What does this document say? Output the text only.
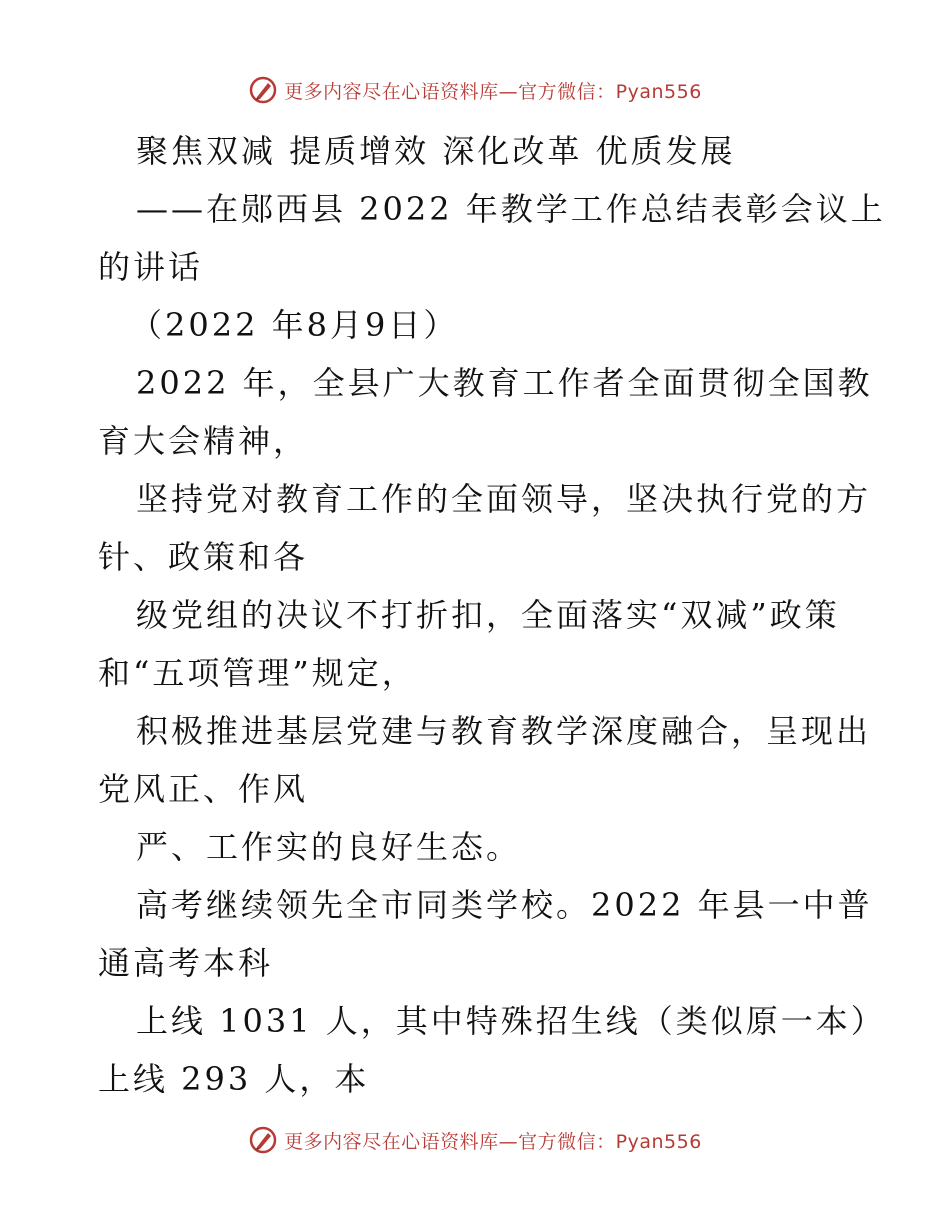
更多内容尽在心语资料库—官方微信：Pyan556
聚焦双减 提质增效 深化改革 优质发展
——在郧西县 2022 年教学工作总结表彰会议上
的讲话
（2022 年8月9日）
2022 年，全县广大教育工作者全面贯彻全国教
育大会精神，
坚持党对教育工作的全面领导，坚决执行党的方
针、政策和各
级党组的决议不打折扣，全面落实“双减”政策
和“五项管理”规定，
积极推进基层党建与教育教学深度融合，呈现出
党风正、作风
严、工作实的良好生态。
高考继续领先全市同类学校。2022 年县一中普
通高考本科
上线 1031 人，其中特殊招生线（类似原一本）
上线 293 人，本
更多内容尽在心语资料库—官方微信：Pyan556
